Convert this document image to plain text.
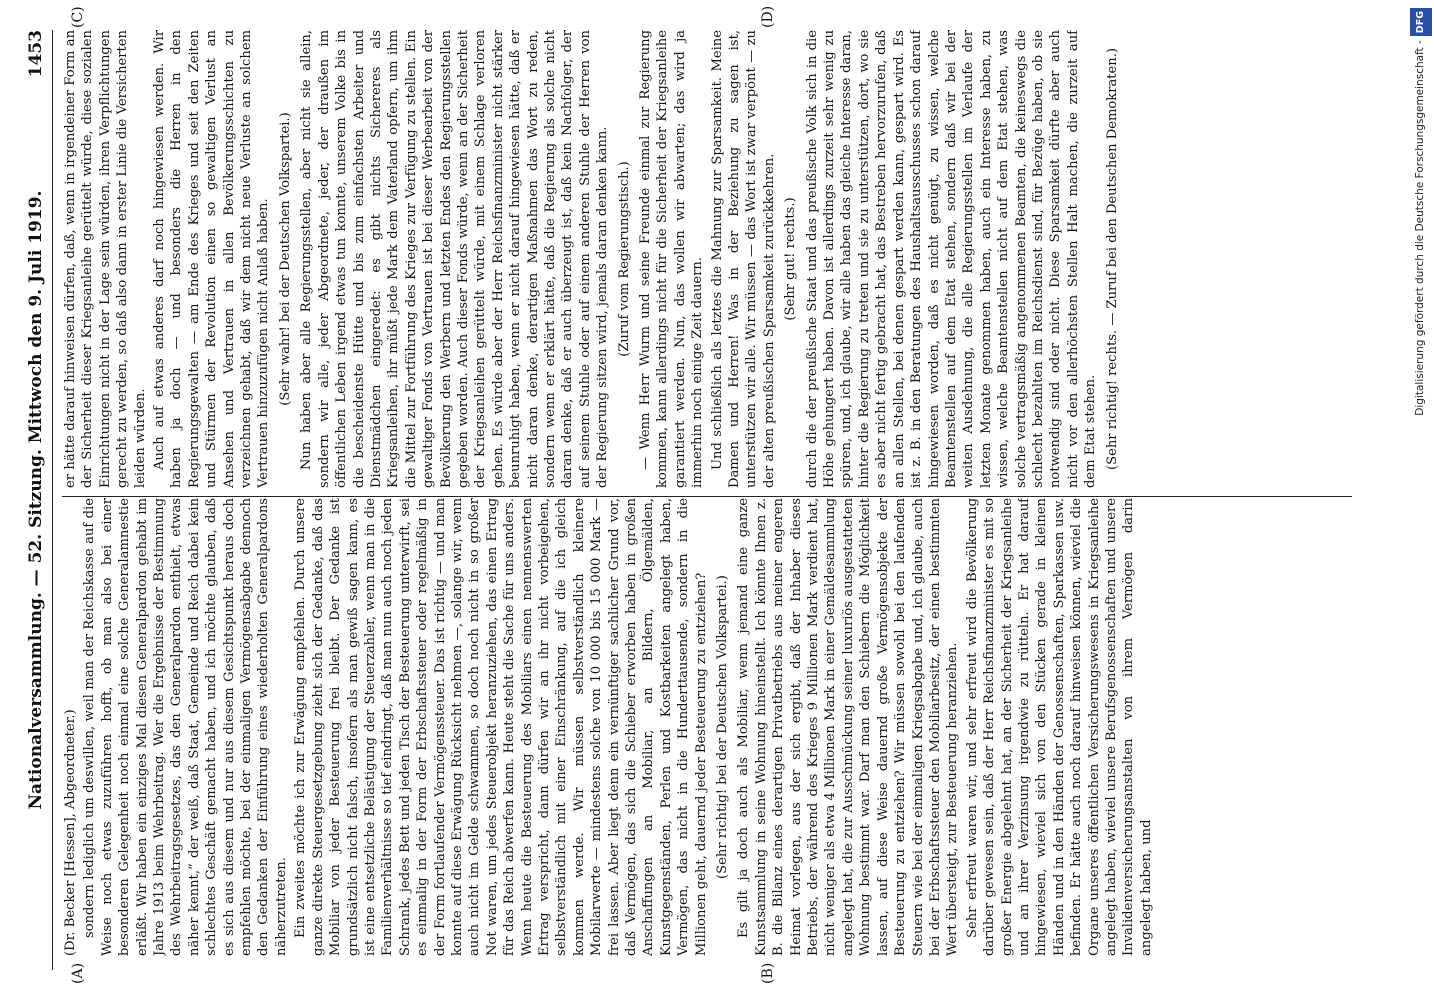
Nationalversammlung. — 52. Sitzung. Mittwoch den 9. Juli 1919.
1453
(A)	(B)
(C)	(D)

(Dr. Becker [Hessen], Abgeordneter.) sondern lediglich um deswillen, weil man der Reichskasse auf die Weise noch etwas zuzuführen hofft, ob man also bei einer besonderen Gelegenheit noch einmal eine solche Generalamnestie erläßt. Wir haben ein einziges Mal diesen Generalpardon gehabt im Jahre 1913 beim Wehrbeitrag. Wer die Ergebnisse der Bestimmung des Wehrbeitragsgesetzes, das den Generalpardon enthielt, etwas näher kennt,“ der weiß, daß Staat, Gemeinde und Reich dabei kein schlechtes Geschäft gemacht haben, und ich möchte glauben, daß es sich aus diesem und nur aus diesem Gesichtspunkt heraus doch empfehlen möchte, bei der einmaligen Vermögensabgabe dennoch den Gedanken der Einführung eines wiederholten Generalpardons näherzutreten. Ein zweites möchte ich zur Erwägung empfehlen. Durch unsere ganze direkte Steuergesetzgebung zieht sich der Gedanke, daß das Mobiliar von jeder Besteuerung frei bleibt. Der Gedanke ist grundsätzlich nicht falsch, insofern als man gewiß sagen kann, es ist eine entsetzliche Belästigung der Steuerzahler, wenn man in die Familienverhältnisse so tief eindringt, daß man nun auch noch jeden Schrank, jedes Bett und jeden Tisch der Besteuerung unterwirft, sei es einmalig in der Form der Erbschaftssteuer oder regelmäßig in der Form fortlaufender Vermögenssteuer. Das ist richtig — und man konnte auf diese Erwägung Rücksicht nehmen —, solange wir, wenn auch nicht im Gelde schwammen, so doch noch nicht in so großer Not waren, um jedes Steuerobjekt heranzuziehen, das einen Ertrag für das Reich abwerfen kann. Heute steht die Sache für uns anders. Wenn heute die Besteuerung des Mobiliars einen nennenswerten Ertrag verspricht, dann dürfen wir an ihr nicht vorbeigehen, selbstverständlich mit einer Einschränkung, auf die ich gleich kommen werde. Wir müssen selbstverständlich kleinere Mobilarwerte — mindestens solche von 10 000 bis 15 000 Mark — frei lassen. Aber liegt denn ein vernünftiger sachlicher Grund vor, daß Vermögen, das sich die Schieber erworben haben in großen Anschaffungen an Mobiliar, an Bildern, Ölgemälden, Kunstgegenständen, Perlen und Kostbarkeiten angelegt haben, Vermögen, das nicht in die Hunderttausende, sondern in die Millionen geht, dauernd jeder Besteuerung zu entziehen? (Sehr richtig! bei der Deutschen Volkspartei.) Es gilt ja doch auch als Mobiliar, wenn jemand eine ganze Kunstsammlung in seine Wohnung hineinstellt. Ich könnte Ihnen z. B. die Bilanz eines derartigen Privatbetriebs aus meiner engeren Heimat vorlegen, aus der sich ergibt, daß der Inhaber dieses Betriebs, der während des Krieges 9 Millionen Mark verdient hat, nicht weniger als etwa 4 Millionen Mark in einer Gemäldesammlung angelegt hat, die zur Ausschmückung seiner luxuriös ausgestatteten Wohnung bestimmt war. Darf man den Schiebern die Möglichkeit lassen, auf diese Weise dauernd große Vermögensobjekte der Besteuerung zu entziehen? Wir müssen sowohl bei den laufenden Steuern wie bei der einmaligen Kriegsabgabe und, ich glaube, auch bei der Erbschaftssteuer den Mobiliarbesitz, der einen bestimmten Wert übersteigt, zur Besteuerung heranziehen. Sehr erfreut waren wir, und sehr erfreut wird die Bevölkerung darüber gewesen sein, daß der Herr Reichsfinanzminister es mit so großer Energie abgelehnt hat, an der Sicherheit der Kriegsanleihe und an ihrer Verzinsung irgendwie zu rütteln. Er hat darauf hingewiesen, wieviel sich von den Stücken gerade in kleinen Händen und in den Händen der Genossenschaften, Sparkassen usw. befinden. Er hätte auch noch darauf hinweisen können, wieviel die Organe unseres öffentlichen Versicherungswesens in Kriegsanleihe angelegt haben, wieviel unsere Berufsgenossenschaften und unsere Invalidenversicherungsanstalten von ihrem Vermögen darin angelegt haben, und

er hätte darauf hinweisen dürfen, daß, wenn in irgendeiner Form an der Sicherheit dieser Kriegsanleihe gerüttelt würde, diese sozialen Einrichtungen nicht in der Lage sein würden, ihren Verpflichtungen gerecht zu werden, so daß also dann in erster Linie die Versicherten leiden würden. Auch auf etwas anderes darf noch hingewiesen werden. Wir haben ja doch — und besonders die Herren in den Regierungsgewalten — am Ende des Krieges und seit den Zeiten und Stürmen der Revolution einen so gewaltigen Verlust an Ansehen und Vertrauen in allen Bevölkerungsschichten zu verzeichnen gehabt, daß wir dem nicht neue Verluste an solchem Vertrauen hinzuzufügen nicht Anlaß haben. (Sehr wahr! bei der Deutschen Volkspartei.) Nun haben aber alle Regierungsstellen, aber nicht sie allein, sondern wir alle, jeder Abgeordnete, jeder, der draußen im öffentlichen Leben irgend etwas tun konnte, unserem Volke bis in die bescheidenste Hütte und bis zum einfachsten Arbeiter und Dienstmädchen eingeredet: es gibt nichts Sichereres als Kriegsanleihen, ihr müßt jede Mark dem Vaterland opfern, um ihm die Mittel zur Fortführung des Krieges zur Verfügung zu stellen. Ein gewaltiger Fonds von Vertrauen ist bei dieser Werbearbeit von der Bevölkerung den Werbern und letzten Endes den Regierungsstellen gegeben worden. Auch dieser Fonds würde, wenn an der Sicherheit der Kriegsanleihen gerüttelt würde, mit einem Schlage verloren gehen. Es würde aber der Herr Reichsfinanzminister nicht stärker beunruhigt haben, wenn er nicht darauf hingewiesen hätte, daß er nicht daran denke, derartigen Maßnahmen das Wort zu reden, sondern wenn er erklärt hätte, daß die Regierung als solche nicht daran denke, daß er auch überzeugt ist, daß kein Nachfolger, der auf seinem Stuhle oder auf einem anderen Stuhle der Herren von der Regierung sitzen wird, jemals daran denken kann. (Zuruf vom Regierungstisch.) — Wenn Herr Wurm und seine Freunde einmal zur Regierung kommen, kann allerdings nicht für die Sicherheit der Kriegsanleihe garantiert werden. Nun, das wollen wir abwarten; das wird ja immerhin noch einige Zeit dauern. Und schließlich als letztes die Mahnung zur Sparsamkeit. Meine Damen und Herren! Was in der Beziehung zu sagen ist, unterstützen wir alle. Wir müssen — das Wort ist zwar verpönt — zu der alten preußischen Sparsamkeit zurückkehren. (Sehr gut! rechts.) durch die der preußische Staat und das preußische Volk sich in die Höhe gehungert haben. Davon ist allerdings zurzeit sehr wenig zu spüren, und, ich glaube, wir alle haben das gleiche Interesse daran, hinter die Regierung zu treten und sie zu unterstützen, dort, wo sie es aber nicht fertig gebracht hat, das Bestreben hervorzurufen, daß an allen Stellen, bei denen gespart werden kann, gespart wird. Es ist z. B. in den Beratungen des Haushaltsausschusses schon darauf hingewiesen worden, daß es nicht genügt, zu wissen, welche Beamtenstellen auf dem Etat stehen, sondern daß wir bei der weiten Ausdehnung, die alle Regierungsstellen im Verlaufe der letzten Monate genommen haben, auch ein Interesse haben, zu wissen, welche Beamtenstellen nicht auf dem Etat stehen, was solche vertragsmäßig angenommenen Beamten, die keineswegs die schlecht bezahlten im Reichsdienst sind, für Bezüge haben, ob sie notwendig sind oder nicht. Diese Sparsamkeit dürfte aber auch nicht vor den allerhöchsten Stellen Halt machen, die zurzeit auf dem Etat stehen. (Sehr richtig! rechts. — Zuruf bei den Deutschen Demokraten.)	Digitalisierung gefördert durch die Deutsche Forschungsgemeinschaft -DFG
